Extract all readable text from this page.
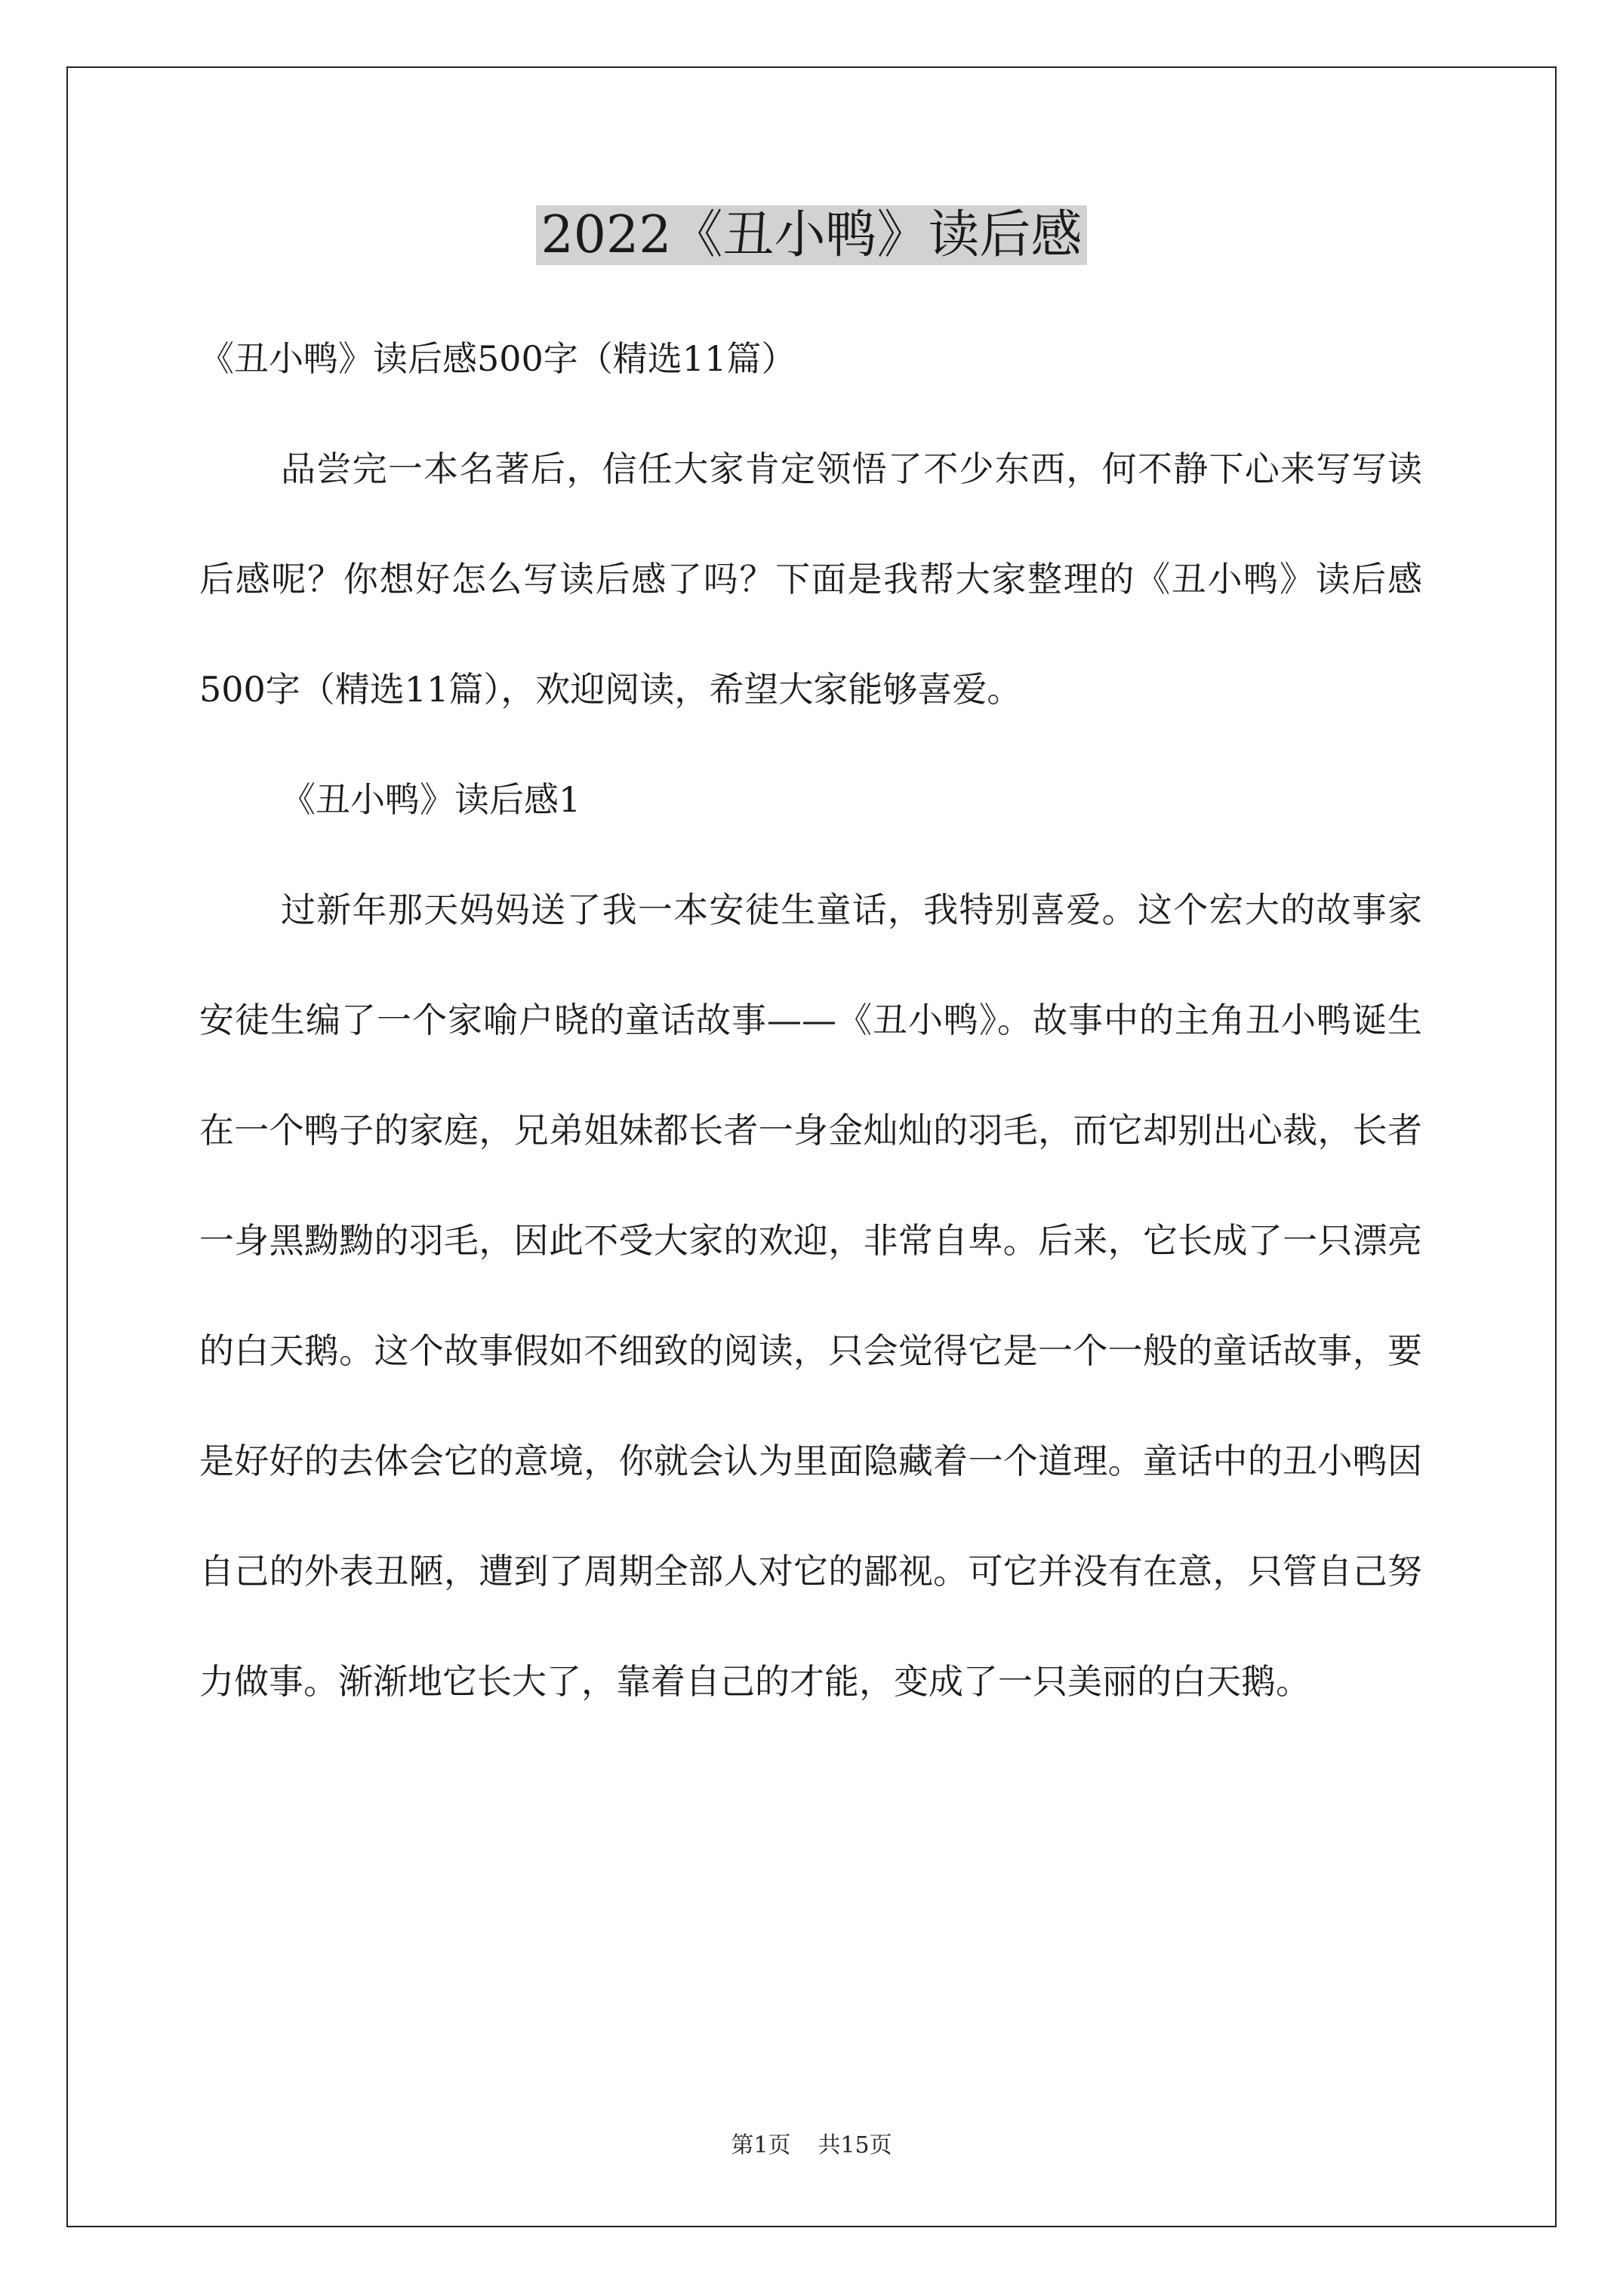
2022《丑小鸭》读后感

《丑小鸭》读后感500字（精选11篇）

品尝完一本名著后，信任大家肯定领悟了不少东西，何不静下心来写写读后感呢？你想好怎么写读后感了吗？下面是我帮大家整理的《丑小鸭》读后感500字（精选11篇），欢迎阅读，希望大家能够喜爱。

《丑小鸭》读后感1

过新年那天妈妈送了我一本安徒生童话，我特别喜爱。这个宏大的故事家安徒生编了一个家喻户晓的童话故事——《丑小鸭》。故事中的主角丑小鸭诞生在一个鸭子的家庭，兄弟姐妹都长者一身金灿灿的羽毛，而它却别出心裁，长者一身黑黝黝的羽毛，因此不受大家的欢迎，非常自卑。后来，它长成了一只漂亮的白天鹅。这个故事假如不细致的阅读，只会觉得它是一个一般的童话故事，要是好好的去体会它的意境，你就会认为里面隐藏着一个道理。童话中的丑小鸭因自己的外表丑陋，遭到了周期全部人对它的鄙视。可它并没有在意，只管自己努力做事。渐渐地它长大了，靠着自己的才能，变成了一只美丽的白天鹅。

第1页 共15页
